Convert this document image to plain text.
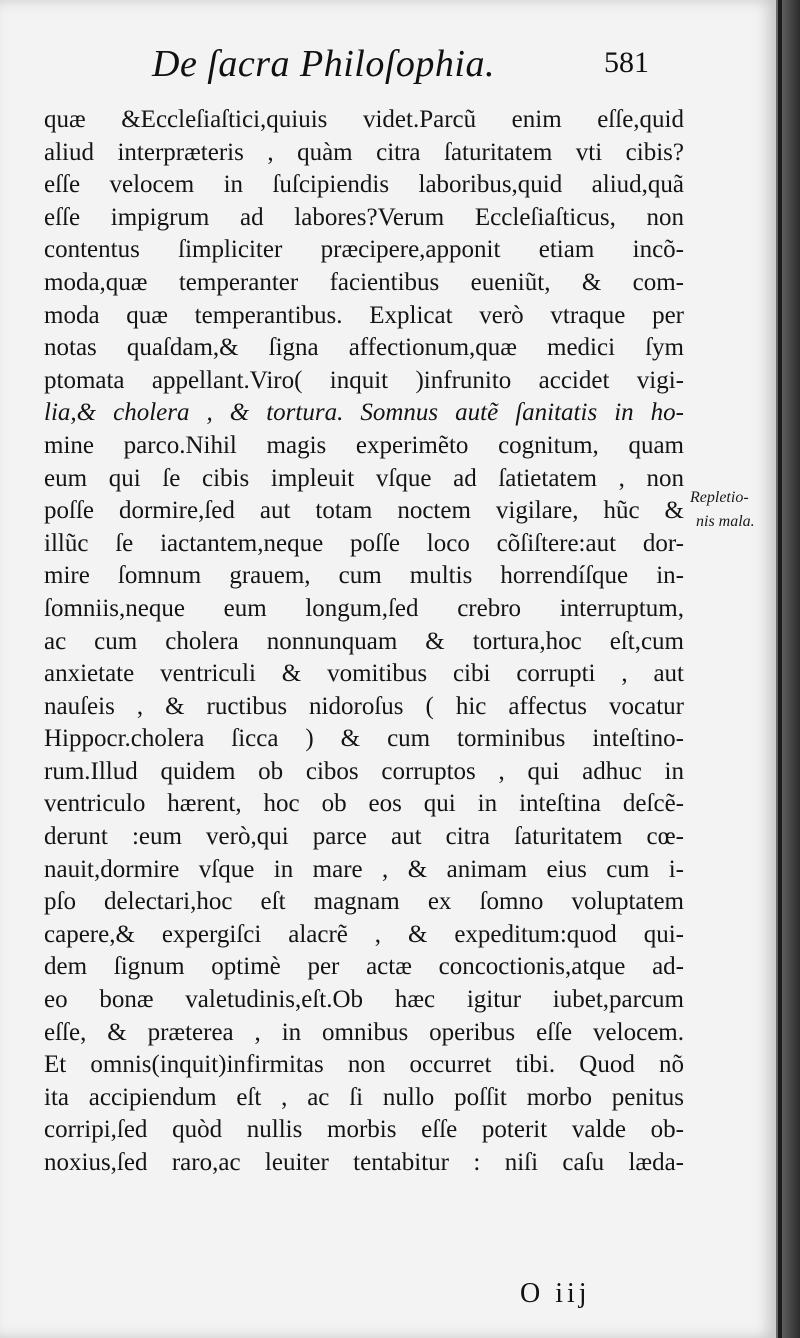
De ſacra Philoſophia.	581
quæ &Eccleſiaſtici,quiuis videt.Parcũ enim eſſe,quid
aliud interpræteris , quàm citra ſaturitatem vti cibis?
eſſe velocem in ſuſcipiendis laboribus,quid aliud,quã
eſſe impigrum ad labores?Verum Eccleſiaſticus, non
contentus ſimpliciter præcipere,apponit etiam incõ-
moda,quæ temperanter facientibus eueniũt, & com-
moda quæ temperantibus. Explicat verò vtraque per
notas quaſdam,& ſigna affectionum,quæ medici ſym
ptomata appellant.Viro( inquit )infrunito accidet vigi-
lia,& cholera , & tortura. Somnus autẽ ſanitatis in ho-
mine parco.Nihil magis experimẽto cognitum, quam
eum qui ſe cibis impleuit vſque ad ſatietatem , non
poſſe dormire,ſed aut totam noctem vigilare, hũc &
illũc ſe iactantem,neque poſſe loco cõſiſtere:aut dor-
mire ſomnum grauem, cum multis horrendíſque in-
ſomniis,neque eum longum,ſed crebro interruptum,
ac cum cholera nonnunquam & tortura,hoc eſt,cum
anxietate ventriculi & vomitibus cibi corrupti , aut
nauſeis , & ructibus nidoroſus ( hic affectus vocatur
Hippocr.cholera ſicca ) & cum torminibus inteſtino-
rum.Illud quidem ob cibos corruptos , qui adhuc in
ventriculo hærent, hoc ob eos qui in inteſtina deſcẽ-
derunt :eum verò,qui parce aut citra ſaturitatem cœ-
nauit,dormire vſque in mare , & animam eius cum i-
pſo delectari,hoc eſt magnam ex ſomno voluptatem
capere,& expergiſci alacrẽ , & expeditum:quod qui-
dem ſignum optimè per actæ concoctionis,atque ad-
eo bonæ valetudinis,eſt.Ob hæc igitur iubet,parcum
eſſe, & præterea , in omnibus operibus eſſe velocem.
Et omnis(inquit)infirmitas non occurret tibi. Quod nõ
ita accipiendum eſt , ac ſi nullo poſſit morbo penitus
corripi,ſed quòd nullis morbis eſſe poterit valde ob-
noxius,ſed raro,ac leuiter tentabitur : niſi caſu læda-
Repletio-
nis mala.
O iij
